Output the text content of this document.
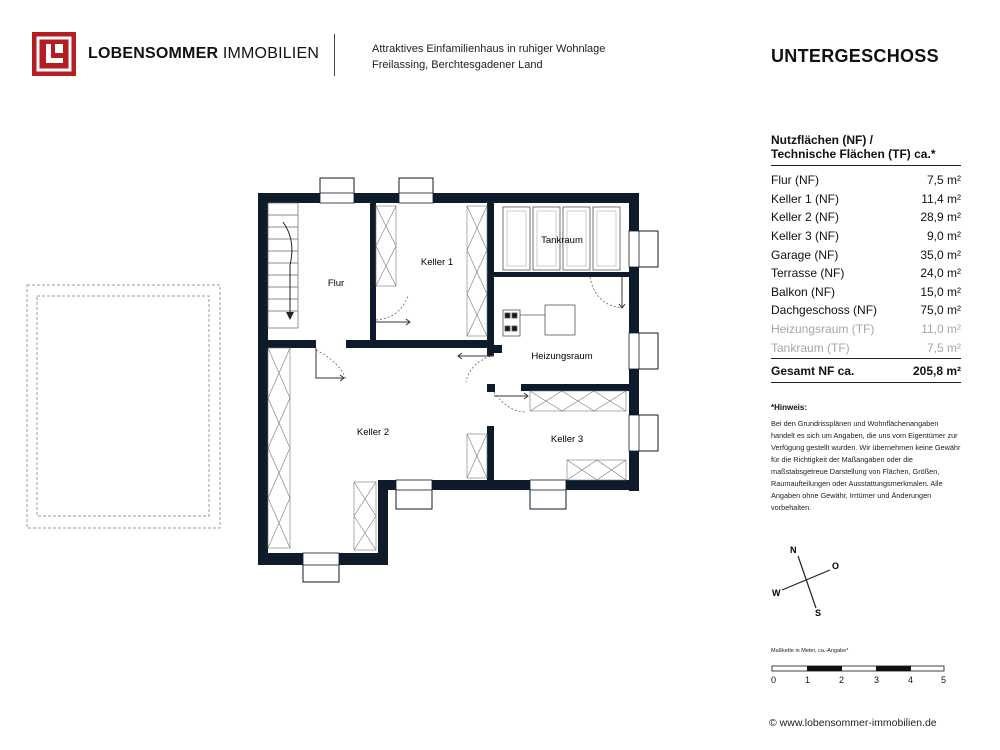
LOBENSOMMER IMMOBILIEN	Attraktives Einfamilienhaus in ruhiger Wohnlage
Freilassing, Berchtesgadener Land	UNTERGESCHOSS
Flur
Keller 1
Tankraum
Heizungsraum
Keller 2
Keller 3
Nutzflächen (NF) /
Technische Flächen (TF) ca.*
Flur (NF)	7,5 m²
Keller 1 (NF)	11,4 m²
Keller 2 (NF)	28,9 m²
Keller 3 (NF)	9,0 m²
Garage (NF)	35,0 m²
Terrasse (NF)	24,0 m²
Balkon (NF)	15,0 m²
Dachgeschoss (NF)	75,0 m²
Heizungsraum (TF)	11,0 m²
Tankraum (TF)	7,5 m²
Gesamt NF ca.	205,8 m²
*Hinweis:
Bei den Grundrissplänen und Wohnflächenangaben handelt es sich um Angaben, die uns vom Eigentümer zur Verfügung gestellt wurden. Wir übernehmen keine Gewähr für die Richtigkeit der Maßangaben oder die maßstabsgetreue Darstellung von Flächen, Größen, Raumaufteilungen oder Ausstattungsmerkmalen. Alle Angaben ohne Gewähr, Irrtümer und Änderungen vorbehalten.
N
O
S
W
Maßkette in Meter, ca.-Angabe*
0	1	2	3	4	5
© www.lobensommer-immobilien.de
